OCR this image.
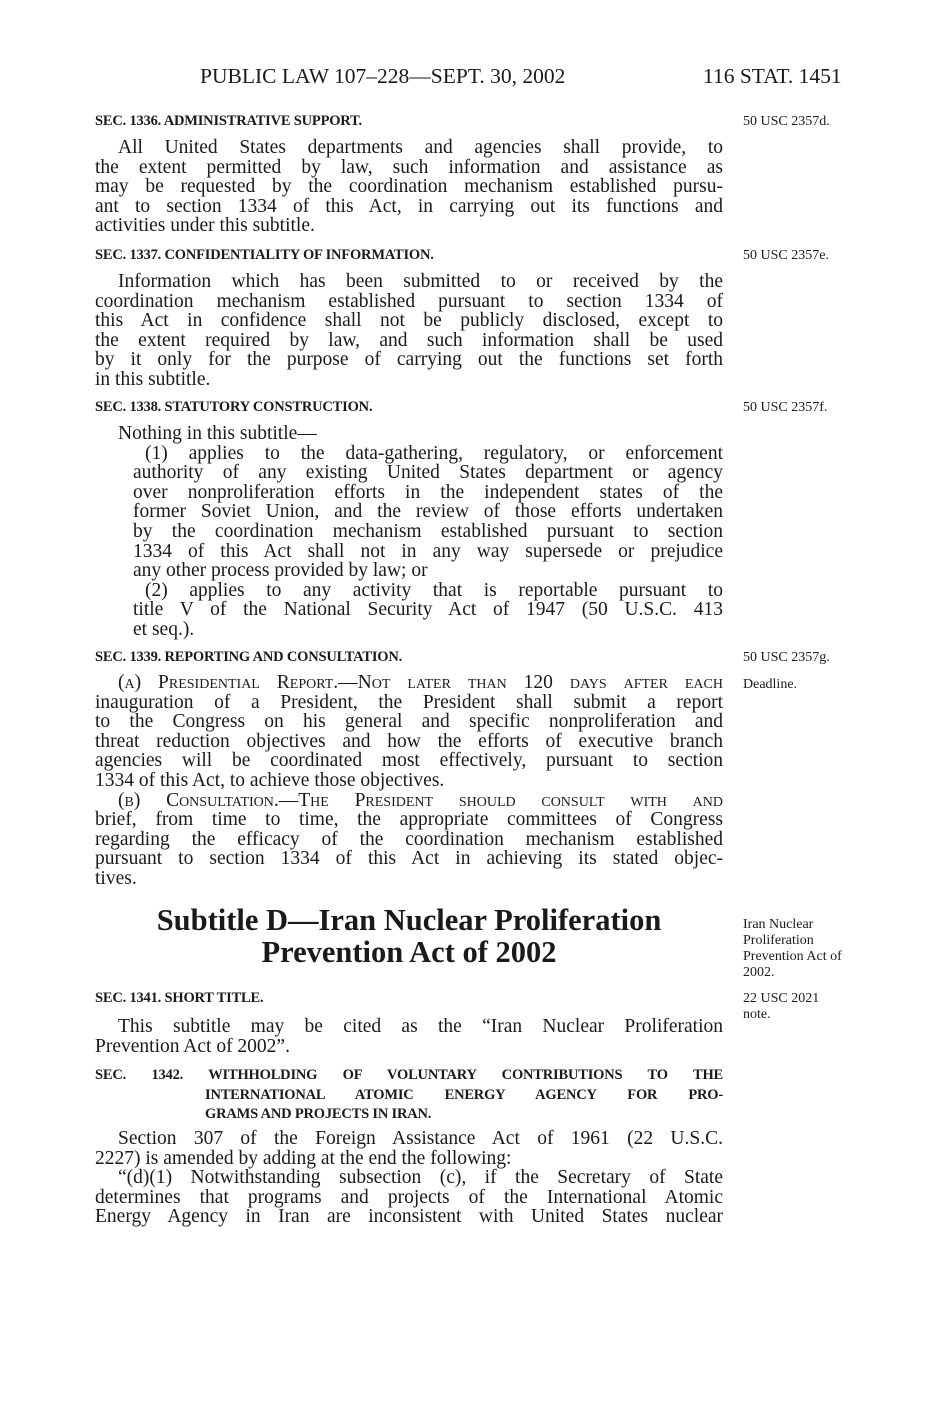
PUBLIC LAW 107–228—SEPT. 30, 2002	116 STAT. 1451
SEC. 1336. ADMINISTRATIVE SUPPORT.	50 USC 2357d.
All United States departments and agencies shall provide, to
the extent permitted by law, such information and assistance as
may be requested by the coordination mechanism established pursu-
ant to section 1334 of this Act, in carrying out its functions and
activities under this subtitle.
SEC. 1337. CONFIDENTIALITY OF INFORMATION.	50 USC 2357e.
Information which has been submitted to or received by the
coordination mechanism established pursuant to section 1334 of
this Act in confidence shall not be publicly disclosed, except to
the extent required by law, and such information shall be used
by it only for the purpose of carrying out the functions set forth
in this subtitle.
SEC. 1338. STATUTORY CONSTRUCTION.	50 USC 2357f.
Nothing in this subtitle—
(1) applies to the data-gathering, regulatory, or enforcement
authority of any existing United States department or agency
over nonproliferation efforts in the independent states of the
former Soviet Union, and the review of those efforts undertaken
by the coordination mechanism established pursuant to section
1334 of this Act shall not in any way supersede or prejudice
any other process provided by law; or
(2) applies to any activity that is reportable pursuant to
title V of the National Security Act of 1947 (50 U.S.C. 413
et seq.).
SEC. 1339. REPORTING AND CONSULTATION.	50 USC 2357g.
Deadline.
(a) Presidential Report.—Not later than 120 days after each
inauguration of a President, the President shall submit a report
to the Congress on his general and specific nonproliferation and
threat reduction objectives and how the efforts of executive branch
agencies will be coordinated most effectively, pursuant to section
1334 of this Act, to achieve those objectives.
(b) Consultation.—The President should consult with and
brief, from time to time, the appropriate committees of Congress
regarding the efficacy of the coordination mechanism established
pursuant to section 1334 of this Act in achieving its stated objec-
tives.
Subtitle D—Iran Nuclear Proliferation
Prevention Act of 2002
Iran Nuclear
Proliferation
Prevention Act of
2002.
SEC. 1341. SHORT TITLE.	22 USC 2021
note.
This subtitle may be cited as the “Iran Nuclear Proliferation
Prevention Act of 2002”.
SEC. 1342. WITHHOLDING OF VOLUNTARY CONTRIBUTIONS TO THE
INTERNATIONAL ATOMIC ENERGY AGENCY FOR PRO-
GRAMS AND PROJECTS IN IRAN.
Section 307 of the Foreign Assistance Act of 1961 (22 U.S.C.
2227) is amended by adding at the end the following:
“(d)(1) Notwithstanding subsection (c), if the Secretary of State
determines that programs and projects of the International Atomic
Energy Agency in Iran are inconsistent with United States nuclear
